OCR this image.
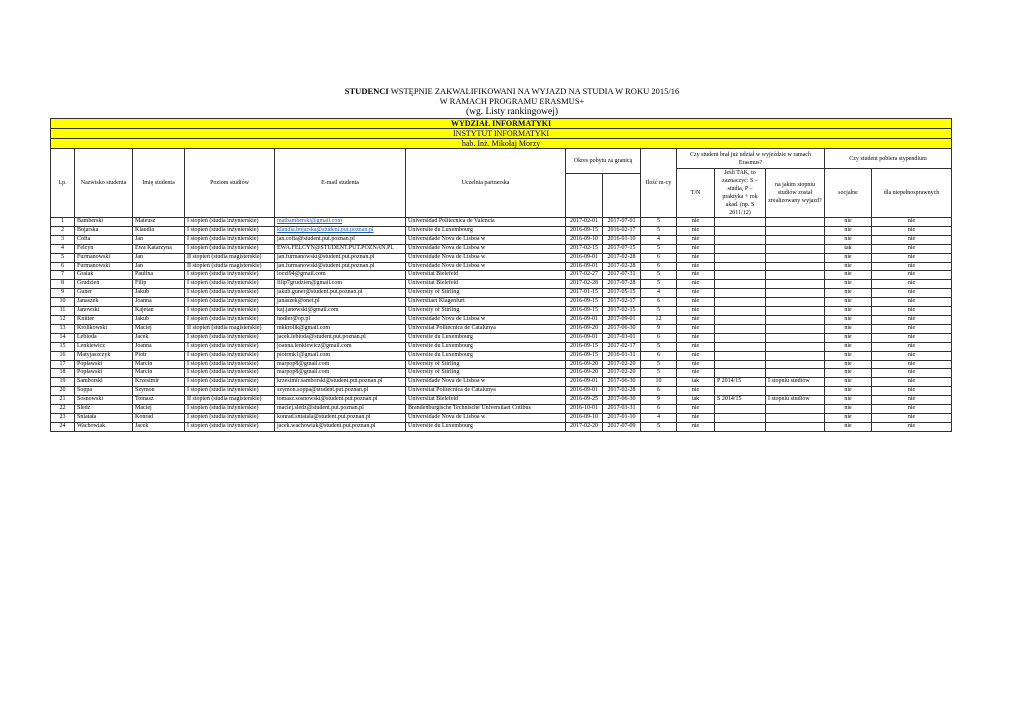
STUDENCI WSTĘPNIE ZAKWALIFIKOWANI NA WYJAZD NA STUDIA W ROKU 2015/16
W RAMACH PROGRAMU ERASMUS+
(wg. Listy rankingowej)
WYDZIAŁ INFORMATYKI													
INSTYTUT INFORMATYKI													
hab. Inż. Mikołaj Morzy													
Lp.	Nazwisko studenta	Imię studenta	Poziom studiów	E-mail studenta	Uczelnia partnerska	Okres pobytu za granicą		Ilość m-cy	Czy student brał już udział w wyjeździe w ramach Erasmus?			Czy student pobiera stypendium	
									T/N	Jeśli TAK, to zaznaczyć: S – studia, P – praktyka + rok akad. (np. S 2011/12)	na jakim stopniu studiów został zrealizowany wyjazd?	socjalne	dla niepełnosprawnych

1	Bamberski	Mateusz	I stopień (studia inżynierskie)	matbamberski@gmail.com	Universidad Politecnica de Valencia	2017-02-01	2017-07-01	5	nie			nie	nie
2	Bojarska	Klaudia	I stopień (studia inżynierskie)	klaudia.bojarska@student.put.poznan.pl	Universite du Luxembourg	2016-09-15	2016-02-17	5	nie			nie	nie
3	Cofta	Jan	I stopień (studia inżynierskie)	jan.cofta@student.put.poznan.pl	Universidade Nova de Lisboa w	2016-09-10	2016-01-10	4	nie			nie	nie
4	Felcyn	Ewa Katarzyna	I stopień (studia inżynierskie)	EWA.FELCYN@STUDENT.PUT.POZNAN.PL	Universidade Nova de Lisboa w	2017-02-15	2017-07-15	5	nie			tak	nie
5	Furmanowski	Jan	II stopień (studia magisterskie)	jan.furmanowski@student.put.poznan.pl	Universidade Nova de Lisboa w	2016-09-01	2017-02-28	6	nie			nie	nie
6	Furmanowski	Jan	II stopień (studia magisterskie)	jan.furmanowski@student.put.poznan.pl	Universidade Nova de Lisboa w	2016-09-01	2017-02-28	6	nie			nie	nie
7	Gralak	Paulina	I stopień (studia inżynierskie)	loczi94@gmail.com	Universitat Bielefeld	2017-02-27	2017-07-31	5	nie			nie	nie
8	Grudzień	Filip	I stopień (studia inżynierskie)	filip7grudzien@gmail.com	Universitat Bielefeld	2017-02-28	2017-07-28	5	nie			nie	nie
9	Guner	Jakub	I stopień (studia inżynierskie)	jakub.guner@student.put.poznan.pl	University of Stirling	2017-01-15	2017-05-15	4	nie			nie	nie
10	Janaszek	Joanna	I stopień (studia inżynierskie)	janaszek@onet.pl	Universitaet Klagenfurt	2016-09-15	2017-02-17	6	nie			nie	nie
11	Janowski	Kajetan	I stopień (studia inżynierskie)	kaj.janowski@gmail.com	University of Stirling	2016-09-15	2017-02-15	5	nie			nie	nie
12	Knitter	Jakub	I stopień (studia inżynierskie)	hodler@op.pl	Universidade Nova de Lisboa w	2016-09-01	2017-09-01	12	nie			nie	nie
13	Królikowski	Maciej	II stopień (studia magisterskie)	mkkrolik@gmail.com	Universitat Politecnica de Catalunya	2016-09-20	2017-06-30	9	nie			nie	nie
14	Lebioda	Jacek	I stopień (studia inżynierskie)	jacek.lebioda@student.put.poznan.pl	Universite du Luxembourg	2016-09-01	2017-03-01	6	nie			nie	nie
15	Lenkiewicz	Joanna	I stopień (studia inżynierskie)	joanna.lenkiewicz@gmail.com	Universite du Luxembourg	2016-09-15	2017-02-17	5	nie			nie	nie
16	Matyjaszczyk	Piotr	I stopień (studia inżynierskie)	piotrmk1@gmail.com	Universite du Luxembourg	2016-09-15	2016-01-31	6	nie			nie	nie
17	Popławski	Marcin	I stopień (studia inżynierskie)	marpop8@gmail.com	University of Stirling	2016-09-20	2017-02-20	5	nie			nie	nie
18	Popławski	Marcin	I stopień (studia inżynierskie)	marpop8@gmail.com	University of Stirling	2016-09-20	2017-02-20	5	nie			nie	nie
19	Samborski	Krzesimir	I stopień (studia inżynierskie)	krzesimir.samborski@student.put.poznan.pl	Universidade Nova de Lisboa w	2016-09-01	2017-06-30	10	tak	P 2014/15	I stopniu studiów	nie	nie
20	Soppa	Szymon	I stopień (studia inżynierskie)	szymon.soppa@student.put.poznan.pl	Universitat Politecnica de Catalunya	2016-09-01	2017-02-28	6	nie			nie	nie
21	Sosnowski	Tomasz	II stopień (studia magisterskie)	tomasz.sosnowski@student.put.poznan.pl	Universitat Bielefeld	2016-09-25	2017-06-30	9	tak	S 2014/15	I stopniu studiów	nie	nie
22	Śledź	Maciej	I stopień (studia inżynierskie)	maciej.sledz@student.put.poznan.pl	Brandenburgische Technische Universitaet Cottbus	2016-10-01	2017-03-31	6	nie			nie	nie
23	Śniatała	Konrad	I stopień (studia inżynierskie)	konrad.sniatala@student.put.poznan.pl	Universidade Nova de Lisboa w	2016-09-10	2017-01-10	4	nie			nie	nie
24	Wachowiak	Jacek	I stopień (studia inżynierskie)	jacek.wachowiak@student.put.poznan.pl	Universite du Luxembourg	2017-02-20	2017-07-09	5	nie			nie	nie
